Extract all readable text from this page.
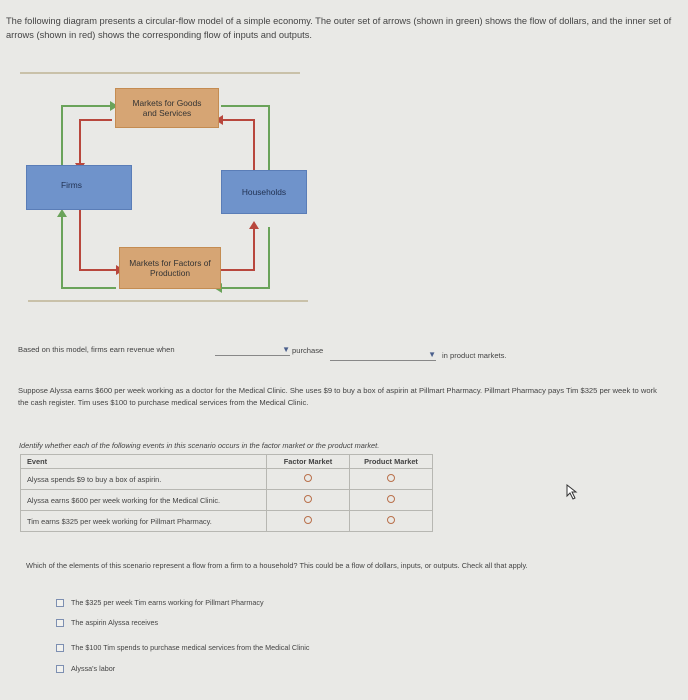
The following diagram presents a circular-flow model of a simple economy. The outer set of arrows (shown in green) shows the flow of dollars, and the inner set of arrows (shown in red) shows the corresponding flow of inputs and outputs.
Markets for Goods and Services
Firms
Households
Markets for Factors of Production
Based on this model, firms earn revenue when	▼ purchase	▼ in product markets.
Suppose Alyssa earns $600 per week working as a doctor for the Medical Clinic. She uses $9 to buy a box of aspirin at Pillmart Pharmacy. Pillmart Pharmacy pays Tim $325 per week to work the cash register. Tim uses $100 to purchase medical services from the Medical Clinic.
Identify whether each of the following events in this scenario occurs in the factor market or the product market.
Event	Factor Market	Product Market
Alyssa spends $9 to buy a box of aspirin.		
Alyssa earns $600 per week working for the Medical Clinic.		
Tim earns $325 per week working for Pillmart Pharmacy.		
Which of the elements of this scenario represent a flow from a firm to a household? This could be a flow of dollars, inputs, or outputs. Check all that apply.
The $325 per week Tim earns working for Pillmart Pharmacy
The aspirin Alyssa receives
The $100 Tim spends to purchase medical services from the Medical Clinic
Alyssa's labor
